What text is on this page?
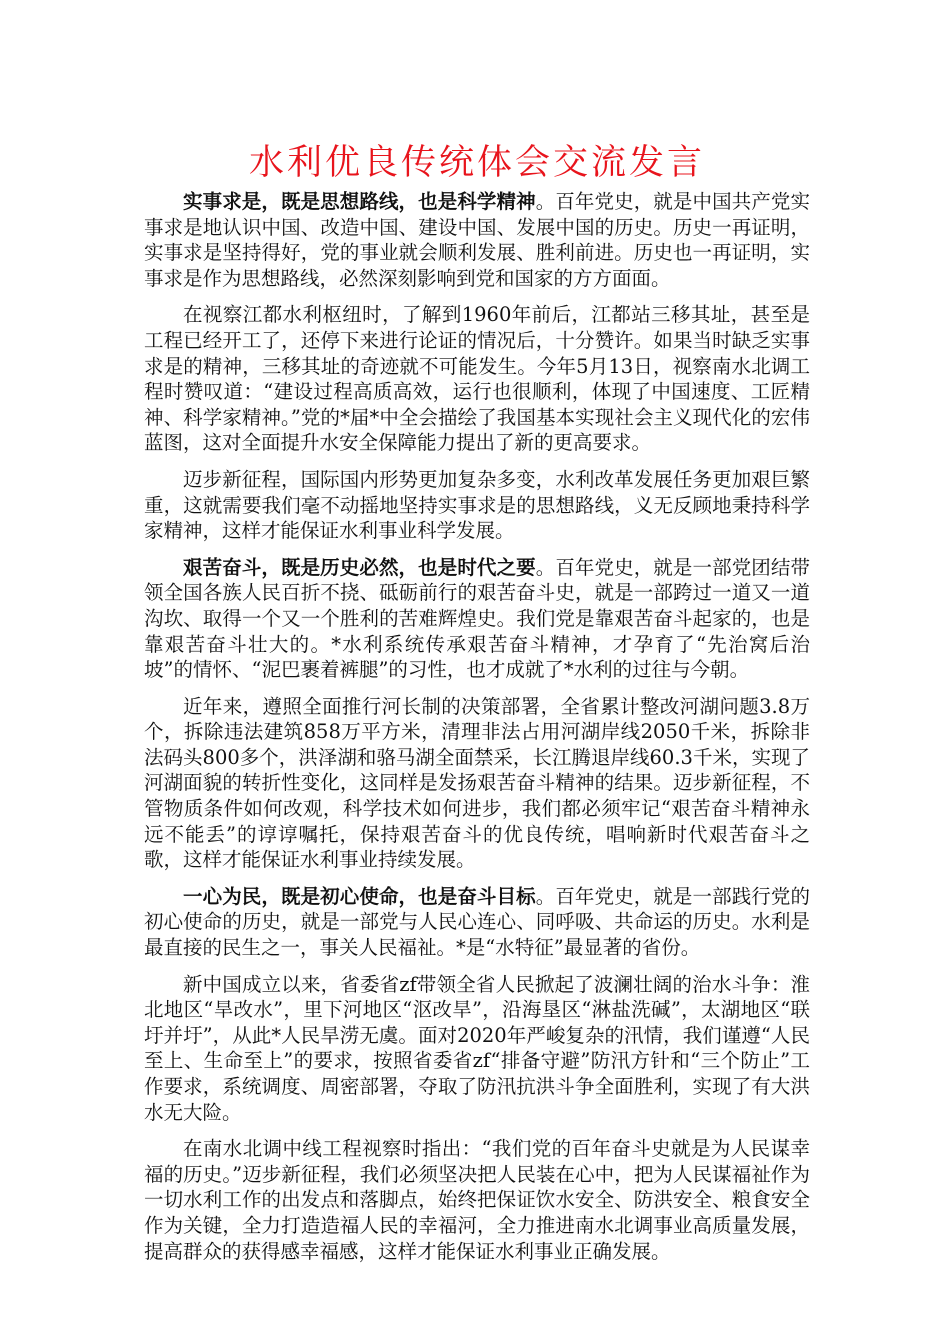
水利优良传统体会交流发言

实事求是，既是思想路线，也是科学精神。百年党史，就是中国共产党实事求是地认识中国、改造中国、建设中国、发展中国的历史。历史一再证明，实事求是坚持得好，党的事业就会顺利发展、胜利前进。历史也一再证明，实事求是作为思想路线，必然深刻影响到党和国家的方方面面。

在视察江都水利枢纽时，了解到1960年前后，江都站三移其址，甚至是工程已经开工了，还停下来进行论证的情况后，十分赞许。如果当时缺乏实事求是的精神，三移其址的奇迹就不可能发生。今年5月13日，视察南水北调工程时赞叹道：“建设过程高质高效，运行也很顺利，体现了中国速度、工匠精神、科学家精神。”党的*届*中全会描绘了我国基本实现社会主义现代化的宏伟蓝图，这对全面提升水安全保障能力提出了新的更高要求。

迈步新征程，国际国内形势更加复杂多变，水利改革发展任务更加艰巨繁重，这就需要我们毫不动摇地坚持实事求是的思想路线，义无反顾地秉持科学家精神，这样才能保证水利事业科学发展。

艰苦奋斗，既是历史必然，也是时代之要。百年党史，就是一部党团结带领全国各族人民百折不挠、砥砺前行的艰苦奋斗史，就是一部跨过一道又一道沟坎、取得一个又一个胜利的苦难辉煌史。我们党是靠艰苦奋斗起家的，也是靠艰苦奋斗壮大的。*水利系统传承艰苦奋斗精神，才孕育了“先治窝后治坡”的情怀、“泥巴裹着裤腿”的习性，也才成就了*水利的过往与今朝。

近年来，遵照全面推行河长制的决策部署，全省累计整改河湖问题3.8万个，拆除违法建筑858万平方米，清理非法占用河湖岸线2050千米，拆除非法码头800多个，洪泽湖和骆马湖全面禁采，长江腾退岸线60.3千米，实现了河湖面貌的转折性变化，这同样是发扬艰苦奋斗精神的结果。迈步新征程，不管物质条件如何改观，科学技术如何进步，我们都必须牢记“艰苦奋斗精神永远不能丢”的谆谆嘱托，保持艰苦奋斗的优良传统，唱响新时代艰苦奋斗之歌，这样才能保证水利事业持续发展。

一心为民，既是初心使命，也是奋斗目标。百年党史，就是一部践行党的初心使命的历史，就是一部党与人民心连心、同呼吸、共命运的历史。水利是最直接的民生之一，事关人民福祉。*是“水特征”最显著的省份。

新中国成立以来，省委省zf带领全省人民掀起了波澜壮阔的治水斗争：淮北地区“旱改水”，里下河地区“沤改旱”，沿海垦区“淋盐洗碱”，太湖地区“联圩并圩”，从此*人民旱涝无虞。面对2020年严峻复杂的汛情，我们谨遵“人民至上、生命至上”的要求，按照省委省zf“排备守避”防汛方针和“三个防止”工作要求，系统调度、周密部署，夺取了防汛抗洪斗争全面胜利，实现了有大洪水无大险。

在南水北调中线工程视察时指出：“我们党的百年奋斗史就是为人民谋幸福的历史。”迈步新征程，我们必须坚决把人民装在心中，把为人民谋福祉作为一切水利工作的出发点和落脚点，始终把保证饮水安全、防洪安全、粮食安全作为关键，全力打造造福人民的幸福河，全力推进南水北调事业高质量发展，提高群众的获得感幸福感，这样才能保证水利事业正确发展。
